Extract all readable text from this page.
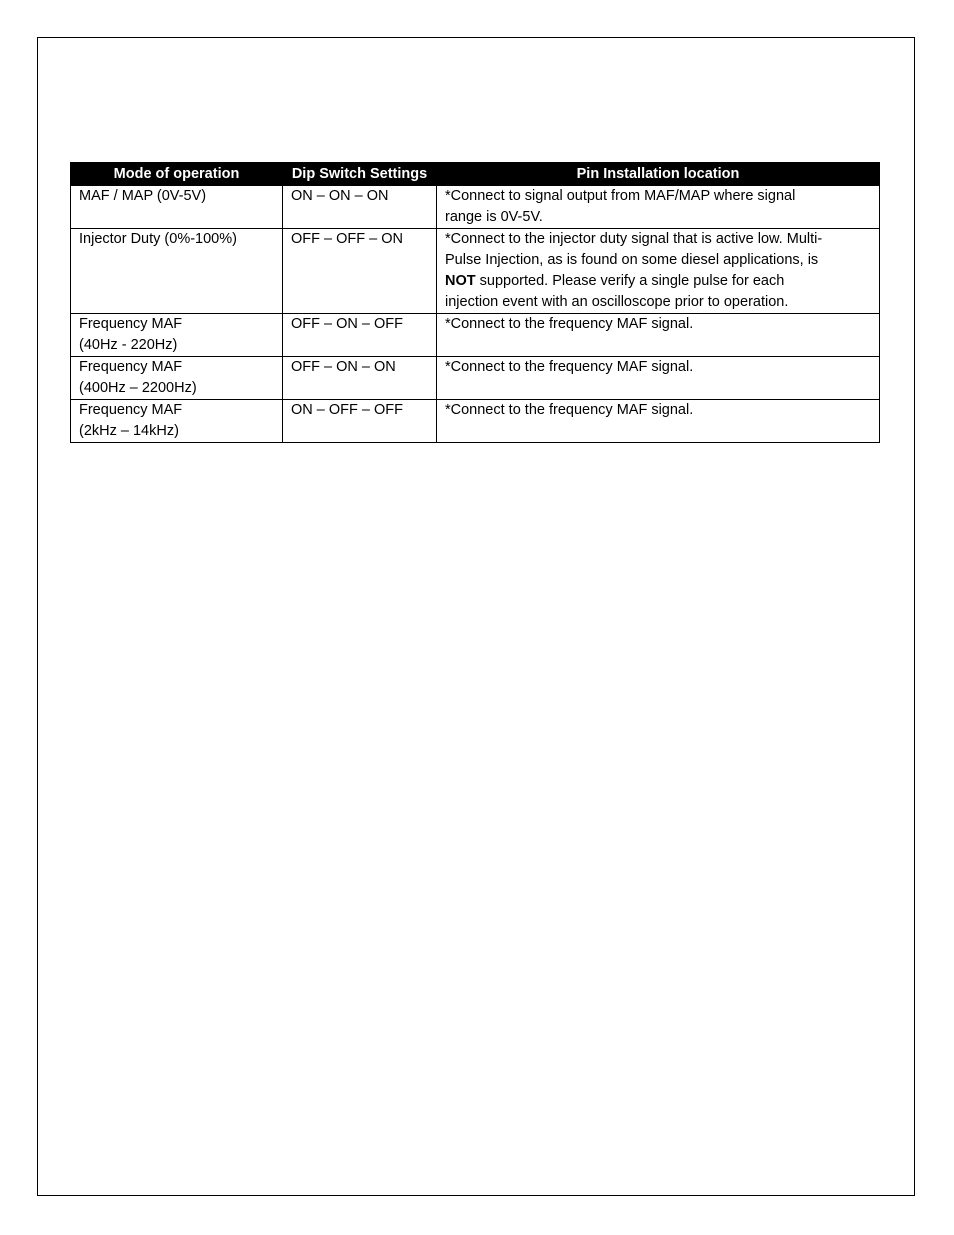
Mode of operation	Dip Switch Settings	Pin Installation location

MAF / MAP (0V-5V)	ON – ON – ON	*Connect to signal output from MAF/MAP where signal
range is 0V-5V.

Injector Duty (0%-100%)	OFF – OFF – ON	*Connect to the injector duty signal that is active low. Multi-
Pulse Injection, as is found on some diesel applications, is
NOT supported. Please verify a single pulse for each
injection event with an oscilloscope prior to operation.

Frequency MAF
(40Hz - 220Hz)	OFF – ON – OFF	*Connect to the frequency MAF signal.

Frequency MAF
(400Hz – 2200Hz)	OFF – ON – ON	*Connect to the frequency MAF signal.

Frequency MAF
(2kHz – 14kHz)	ON – OFF – OFF	*Connect to the frequency MAF signal.
